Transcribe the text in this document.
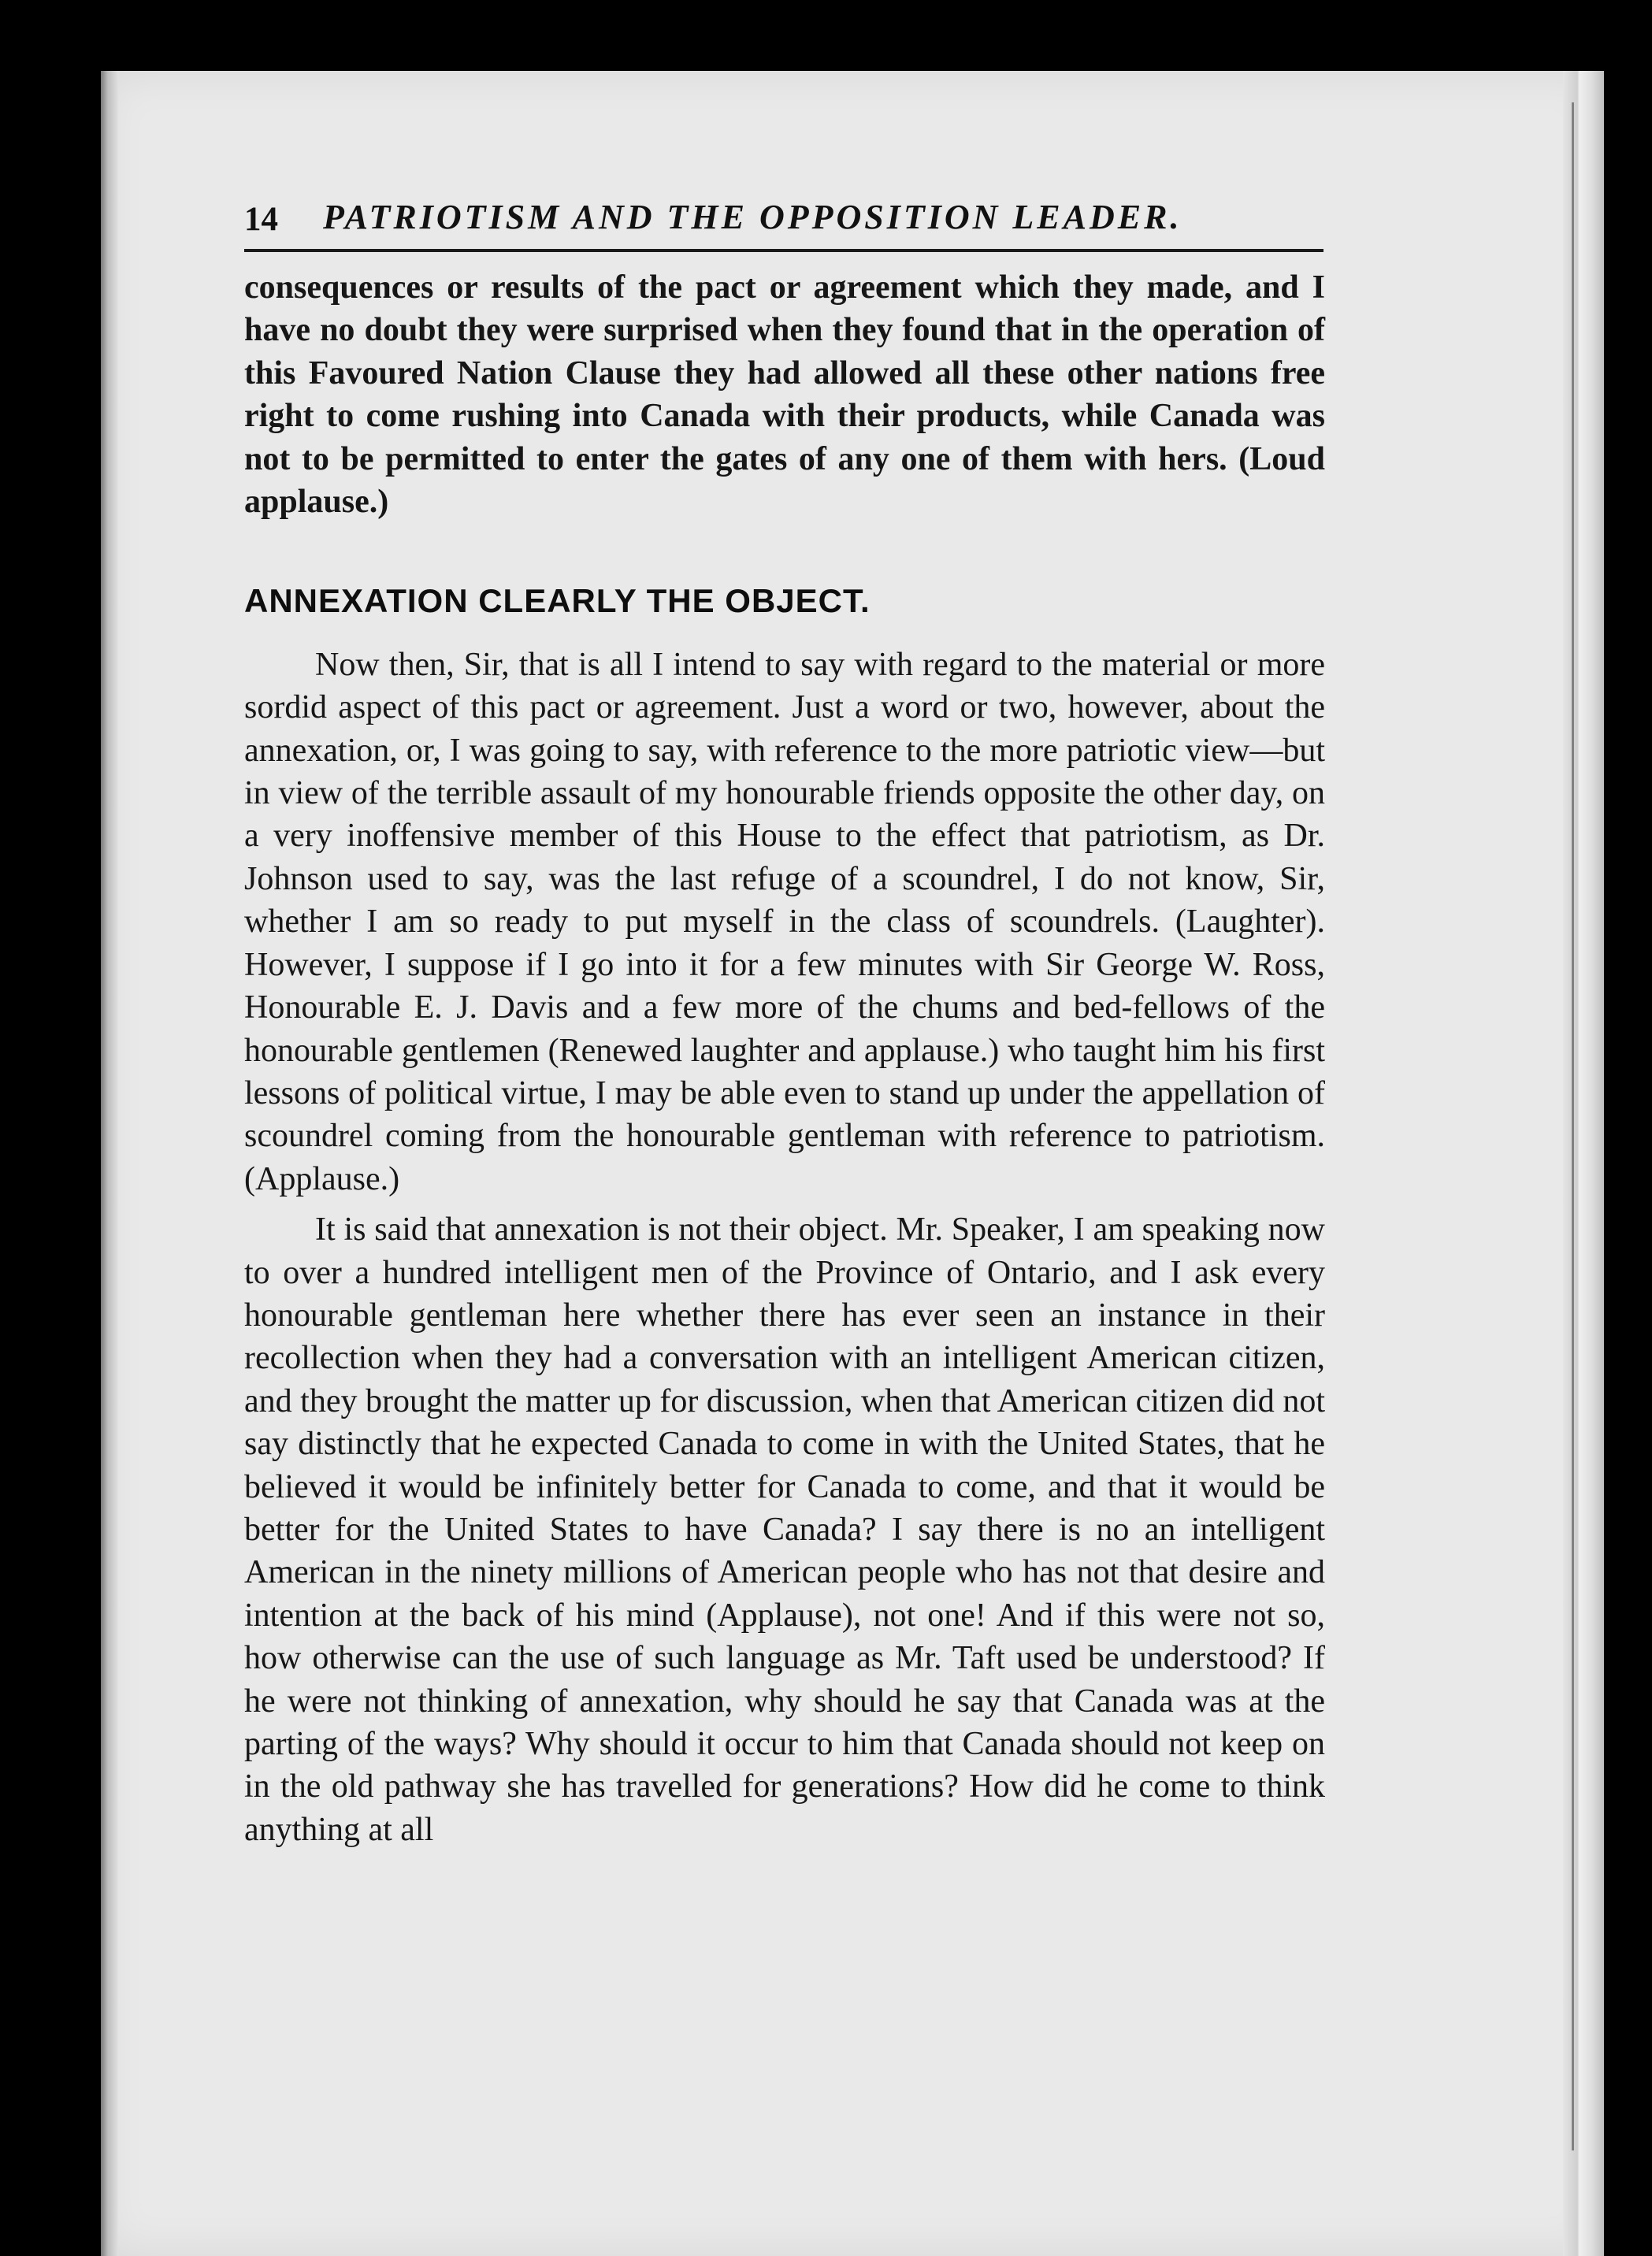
14 PATRIOTISM AND THE OPPOSITION LEADER.

consequences or results of the pact or agreement which they made, and I have no doubt they were surprised when they found that in the operation of this Favoured Nation Clause they had allowed all these other nations free right to come rushing into Canada with their products, while Canada was not to be permitted to enter the gates of any one of them with hers. (Loud applause.)

ANNEXATION CLEARLY THE OBJECT.

Now then, Sir, that is all I intend to say with regard to the material or more sordid aspect of this pact or agreement. Just a word or two, however, about the annexation, or, I was going to say, with reference to the more patriotic view—but in view of the terrible assault of my honourable friends opposite the other day, on a very inoffensive member of this House to the effect that patriotism, as Dr. Johnson used to say, was the last refuge of a scoundrel, I do not know, Sir, whether I am so ready to put myself in the class of scoundrels. (Laughter). However, I suppose if I go into it for a few minutes with Sir George W. Ross, Honourable E. J. Davis and a few more of the chums and bed-fellows of the honourable gentlemen (Renewed laughter and applause.) who taught him his first lessons of political virtue, I may be able even to stand up under the appellation of scoundrel coming from the honourable gentleman with reference to patriotism. (Applause.)

It is said that annexation is not their object. Mr. Speaker, I am speaking now to over a hundred intelligent men of the Province of Ontario, and I ask every honourable gentleman here whether there has ever seen an instance in their recollection when they had a conversation with an intelligent American citizen, and they brought the matter up for discussion, when that American citizen did not say distinctly that he expected Canada to come in with the United States, that he believed it would be infinitely better for Canada to come, and that it would be better for the United States to have Canada? I say there is no an intelligent American in the ninety millions of American people who has not that desire and intention at the back of his mind (Applause), not one! And if this were not so, how otherwise can the use of such language as Mr. Taft used be understood? If he were not thinking of annexation, why should he say that Canada was at the parting of the ways? Why should it occur to him that Canada should not keep on in the old pathway she has travelled for generations? How did he come to think anything at all
